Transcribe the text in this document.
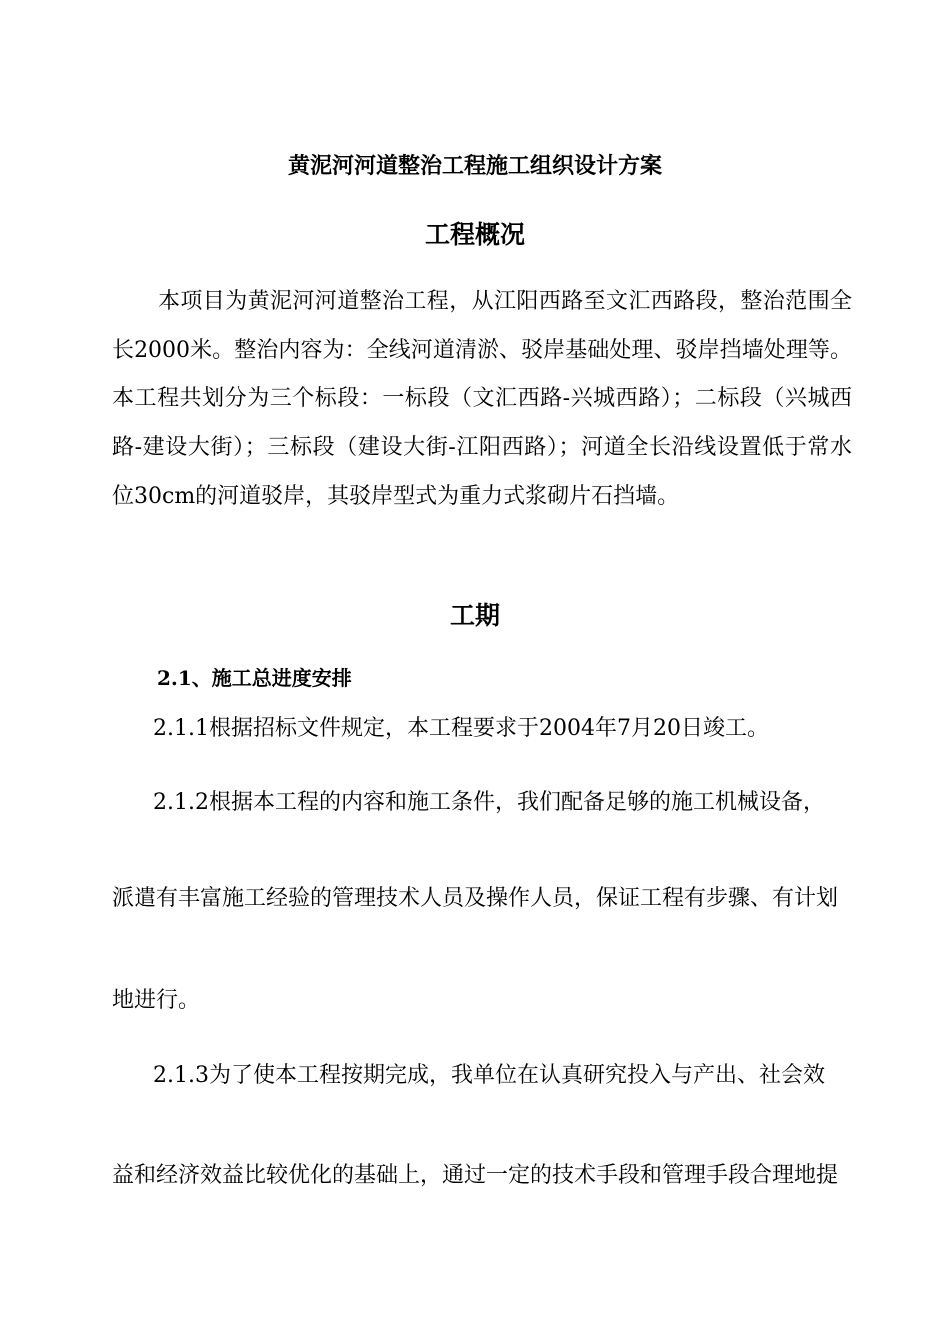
黄泥河河道整治工程施工组织设计方案
工程概况

本项目为黄泥河河道整治工程，从江阳西路至文汇西路段，整治范围全长2000米。整治内容为：全线河道清淤、驳岸基础处理、驳岸挡墙处理等。本工程共划分为三个标段：一标段（文汇西路-兴城西路）；二标段（兴城西路-建设大街）；三标段（建设大街-江阳西路）；河道全长沿线设置低于常水位30cm的河道驳岸，其驳岸型式为重力式浆砌片石挡墙。

工期
2.1、施工总进度安排
2.1.1根据招标文件规定，本工程要求于2004年7月20日竣工。
2.1.2根据本工程的内容和施工条件，我们配备足够的施工机械设备，
派遣有丰富施工经验的管理技术人员及操作人员，保证工程有步骤、有计划
地进行。
2.1.3为了使本工程按期完成，我单位在认真研究投入与产出、社会效
益和经济效益比较优化的基础上，通过一定的技术手段和管理手段合理地提
